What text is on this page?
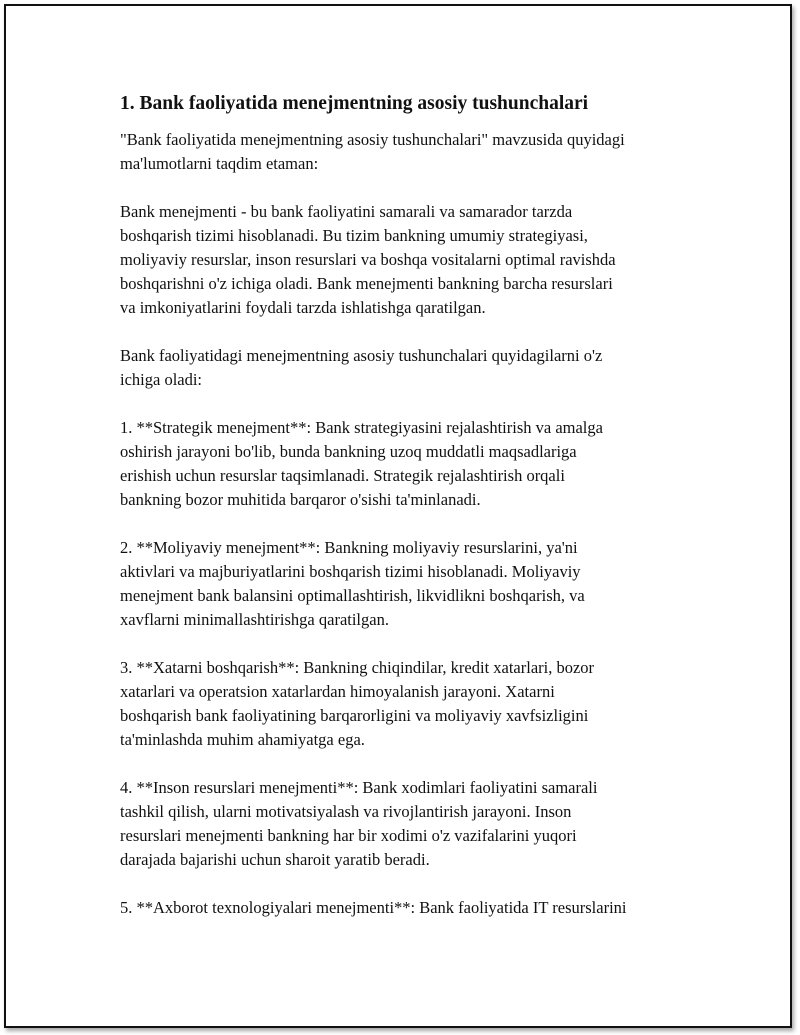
1. Bank faoliyatida menejmentning asosiy tushunchalari
"Bank faoliyatida menejmentning asosiy tushunchalari" mavzusida quyidagi
ma'lumotlarni taqdim etaman:
Bank menejmenti - bu bank faoliyatini samarali va samarador tarzda
boshqarish tizimi hisoblanadi. Bu tizim bankning umumiy strategiyasi,
moliyaviy resurslar, inson resurslari va boshqa vositalarni optimal ravishda
boshqarishni o'z ichiga oladi. Bank menejmenti bankning barcha resurslari
va imkoniyatlarini foydali tarzda ishlatishga qaratilgan.
Bank faoliyatidagi menejmentning asosiy tushunchalari quyidagilarni o'z
ichiga oladi:
1. **Strategik menejment**: Bank strategiyasini rejalashtirish va amalga
oshirish jarayoni bo'lib, bunda bankning uzoq muddatli maqsadlariga
erishish uchun resurslar taqsimlanadi. Strategik rejalashtirish orqali
bankning bozor muhitida barqaror o'sishi ta'minlanadi.
2. **Moliyaviy menejment**: Bankning moliyaviy resurslarini, ya'ni
aktivlari va majburiyatlarini boshqarish tizimi hisoblanadi. Moliyaviy
menejment bank balansini optimallashtirish, likvidlikni boshqarish, va
xavflarni minimallashtirishga qaratilgan.
3. **Xatarni boshqarish**: Bankning chiqindilar, kredit xatarlari, bozor
xatarlari va operatsion xatarlardan himoyalanish jarayoni. Xatarni
boshqarish bank faoliyatining barqarorligini va moliyaviy xavfsizligini
ta'minlashda muhim ahamiyatga ega.
4. **Inson resurslari menejmenti**: Bank xodimlari faoliyatini samarali
tashkil qilish, ularni motivatsiyalash va rivojlantirish jarayoni. Inson
resurslari menejmenti bankning har bir xodimi o'z vazifalarini yuqori
darajada bajarishi uchun sharoit yaratib beradi.
5. **Axborot texnologiyalari menejmenti**: Bank faoliyatida IT resurslarini
